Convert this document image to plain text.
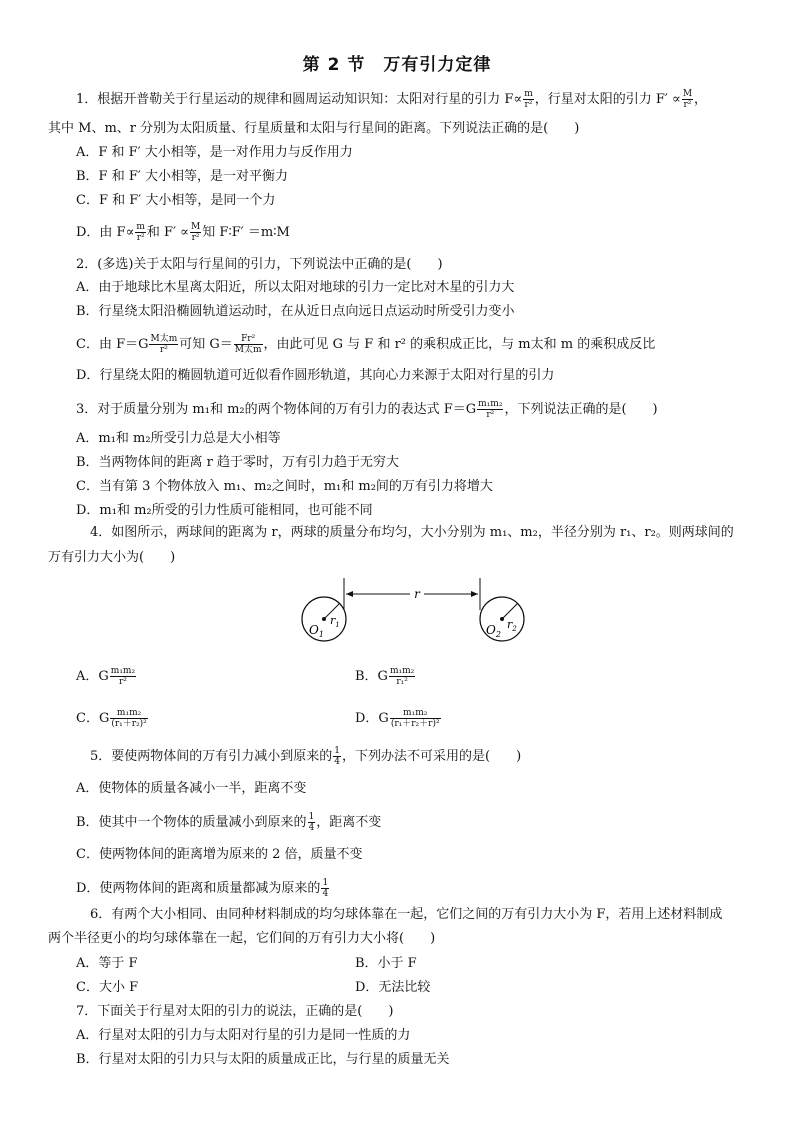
第 2 节　万有引力定律
1．根据开普勒关于行星运动的规律和圆周运动知识知：太阳对行星的引力 $F\propto \frac{m}{\text{r²}}$ ，行星对太阳的引力 $F' \propto \frac{M}{\text{r²}}$ ，
其中 M、m、r 分别为太阳质量、行星质量和太阳与行星间的距离。下列说法正确的是(　　)
A．F 和 F′ 大小相等，是一对作用力与反作用力
B．F 和 F′ 大小相等，是一对平衡力
C．F 和 F′ 大小相等，是同一个力
D．由 $F\propto \frac{m}{\text{r²}}$ 和 $F' \propto \frac{M}{\text{r²}}$ 知 F∶F′ ＝m∶M
2．(多选)关于太阳与行星间的引力，下列说法中正确的是(　　)
A．由于地球比木星离太阳近，所以太阳对地球的引力一定比对木星的引力大
B．行星绕太阳沿椭圆轨道运动时，在从近日点向远日点运动时所受引力变小
C．由 $F=G \frac{\text{M太m}}{\text{r²}}$ 可知 $G= \frac{\text{Fr²}}{\text{M太m}}$ ，由此可见 G 与 F 和 r² 的乘积成正比，与 m太和 m 的乘积成反比
D．行星绕太阳的椭圆轨道可近似看作圆形轨道，其向心力来源于太阳对行星的引力
3．对于质量分别为 m₁和 m₂的两个物体间的万有引力的表达式 $F=G \frac{\text{m₁m₂}}{\text{r²}}$ ，下列说法正确的是(　　)
A．m₁和 m₂所受引力总是大小相等
B．当两物体间的距离 r 趋于零时，万有引力趋于无穷大
C．当有第 3 个物体放入 m₁、m₂之间时，m₁和 m₂间的万有引力将增大
D．m₁和 m₂所受的引力性质可能相同，也可能不同
4．如图所示，两球间的距离为 r，两球的质量分布均匀，大小分别为 m₁、m₂，半径分别为 r₁、r₂。则两球间的
万有引力大小为(　　)
r
$O_1$
$r_1$	$O_2$
$r_2$
A．G $\frac{\text{m₁m₂}}{\text{r²}}$	B．G $\frac{\text{m₁m₂}}{\text{r₁²}}$
C．G $\frac{\text{m₁m₂}}{\text{(r₁＋r₂)²}}$	D．G $\frac{\text{m₁m₂}}{\text{(r₁＋r₂＋r)²}}$
5．要使两物体间的万有引力减小到原来的 $\frac{1}{4}$ ，下列办法不可采用的是(　　)
A．使物体的质量各减小一半，距离不变
B．使其中一个物体的质量减小到原来的 $\frac{1}{4}$ ，距离不变
C．使两物体间的距离增为原来的 2 倍，质量不变
D．使两物体间的距离和质量都减为原来的 $\frac{1}{4}$
6．有两个大小相同、由同种材料制成的均匀球体靠在一起，它们之间的万有引力大小为 F，若用上述材料制成
两个半径更小的均匀球体靠在一起，它们间的万有引力大小将(　　)
A．等于 F	B．小于 F
C．大小 F	D．无法比较
7．下面关于行星对太阳的引力的说法，正确的是(　　)
A．行星对太阳的引力与太阳对行星的引力是同一性质的力
B．行星对太阳的引力只与太阳的质量成正比，与行星的质量无关
